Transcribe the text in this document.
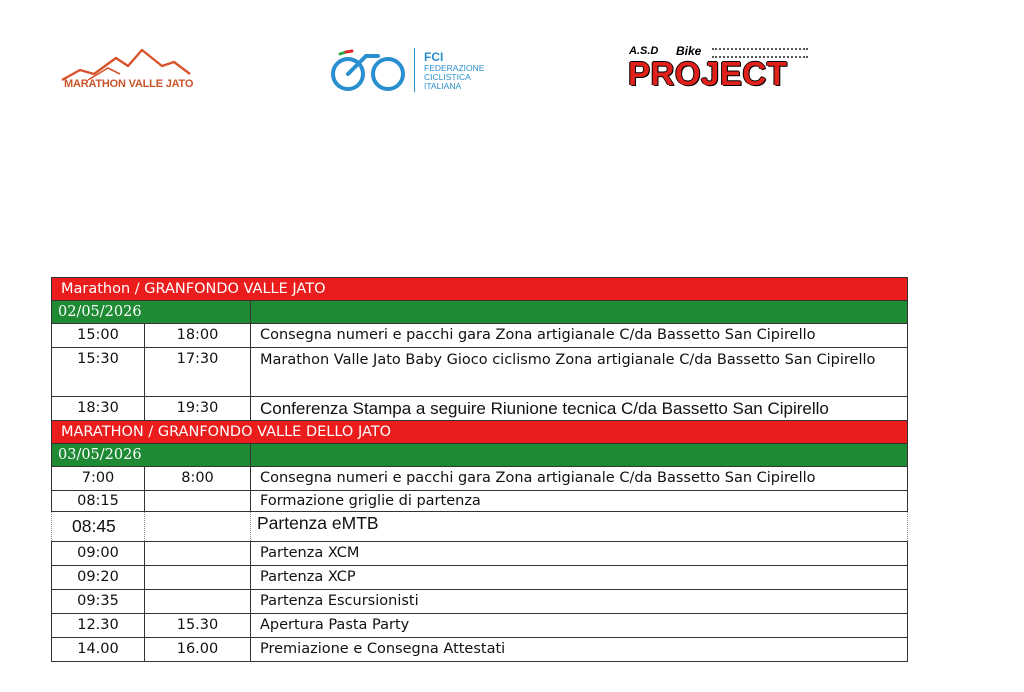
MARATHON VALLE JATO
FCI
FEDERAZIONE
CICLISTICA
ITALIANA
A.S.D Bike
PROJECT
Marathon / GRANFONDO VALLE JATO		
02/05/2026		
15:00	18:00	Consegna numeri e pacchi gara Zona artigianale C/da Bassetto San Cipirello
15:30	17:30	Marathon Valle Jato Baby Gioco ciclismo Zona artigianale C/da Bassetto San Cipirello
18:30	19:30	Conferenza Stampa a seguire Riunione tecnica C/da Bassetto San Cipirello
MARATHON / GRANFONDO VALLE DELLO JATO		
03/05/2026		
7:00	8:00	Consegna numeri e pacchi gara Zona artigianale C/da Bassetto San Cipirello
08:15		Formazione griglie di partenza
08:45		Partenza eMTB
09:00		Partenza XCM
09:20		Partenza XCP
09:35		Partenza Escursionisti
12.30	15.30	Apertura Pasta Party
14.00	16.00	Premiazione e Consegna Attestati
